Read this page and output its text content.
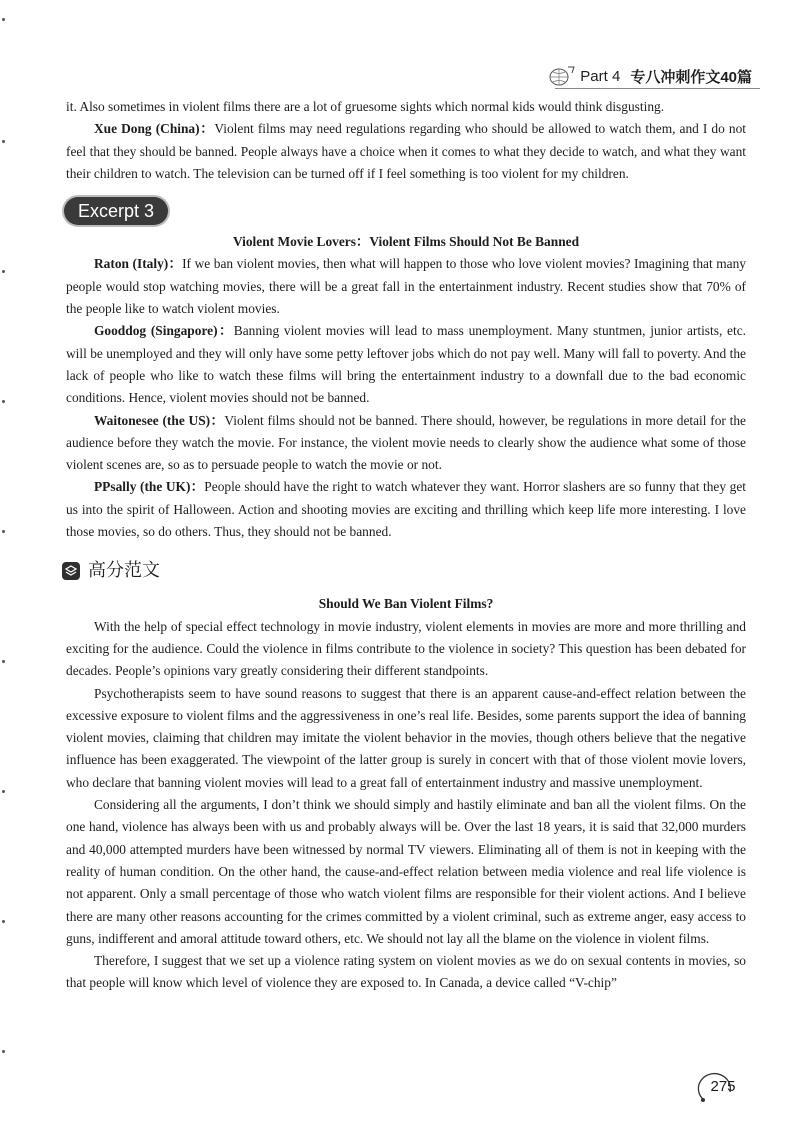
Part 4 专八冲刺作文40篇

it. Also sometimes in violent films there are a lot of gruesome sights which normal kids would think disgusting.

Xue Dong (China)：Violent films may need regulations regarding who should be allowed to watch them, and I do not feel that they should be banned. People always have a choice when it comes to what they decide to watch, and what they want their children to watch. The television can be turned off if I feel something is too violent for my children.

Excerpt 3

Violent Movie Lovers：Violent Films Should Not Be Banned

Raton (Italy)：If we ban violent movies, then what will happen to those who love violent movies? Imagining that many people would stop watching movies, there will be a great fall in the entertainment industry. Recent studies show that 70% of the people like to watch violent movies.

Gooddog (Singapore)：Banning violent movies will lead to mass unemployment. Many stuntmen, junior artists, etc. will be unemployed and they will only have some petty leftover jobs which do not pay well. Many will fall to poverty. And the lack of people who like to watch these films will bring the entertainment industry to a downfall due to the bad economic conditions. Hence, violent movies should not be banned.

Waitonesee (the US)：Violent films should not be banned. There should, however, be regulations in more detail for the audience before they watch the movie. For instance, the violent movie needs to clearly show the audience what some of those violent scenes are, so as to persuade people to watch the movie or not.

PPsally (the UK)：People should have the right to watch whatever they want. Horror slashers are so funny that they get us into the spirit of Halloween. Action and shooting movies are exciting and thrilling which keep life more interesting. I love those movies, so do others. Thus, they should not be banned.

高分范文

Should We Ban Violent Films?

With the help of special effect technology in movie industry, violent elements in movies are more and more thrilling and exciting for the audience. Could the violence in films contribute to the violence in society? This question has been debated for decades. People’s opinions vary greatly considering their different standpoints.

Psychotherapists seem to have sound reasons to suggest that there is an apparent cause-and-effect relation between the excessive exposure to violent films and the aggressiveness in one’s real life. Besides, some parents support the idea of banning violent movies, claiming that children may imitate the violent behavior in the movies, though others believe that the negative influence has been exaggerated. The viewpoint of the latter group is surely in concert with that of those violent movie lovers, who declare that banning violent movies will lead to a great fall of entertainment industry and massive unemployment.

Considering all the arguments, I don’t think we should simply and hastily eliminate and ban all the violent films. On the one hand, violence has always been with us and probably always will be. Over the last 18 years, it is said that 32,000 murders and 40,000 attempted murders have been witnessed by normal TV viewers. Eliminating all of them is not in keeping with the reality of human condition. On the other hand, the cause-and-effect relation between media violence and real life violence is not apparent. Only a small percentage of those who watch violent films are responsible for their violent actions. And I believe there are many other reasons accounting for the crimes committed by a violent criminal, such as extreme anger, easy access to guns, indifferent and amoral attitude toward others, etc. We should not lay all the blame on the violence in violent films.

Therefore, I suggest that we set up a violence rating system on violent movies as we do on sexual contents in movies, so that people will know which level of violence they are exposed to. In Canada, a device called “V-chip”

275
